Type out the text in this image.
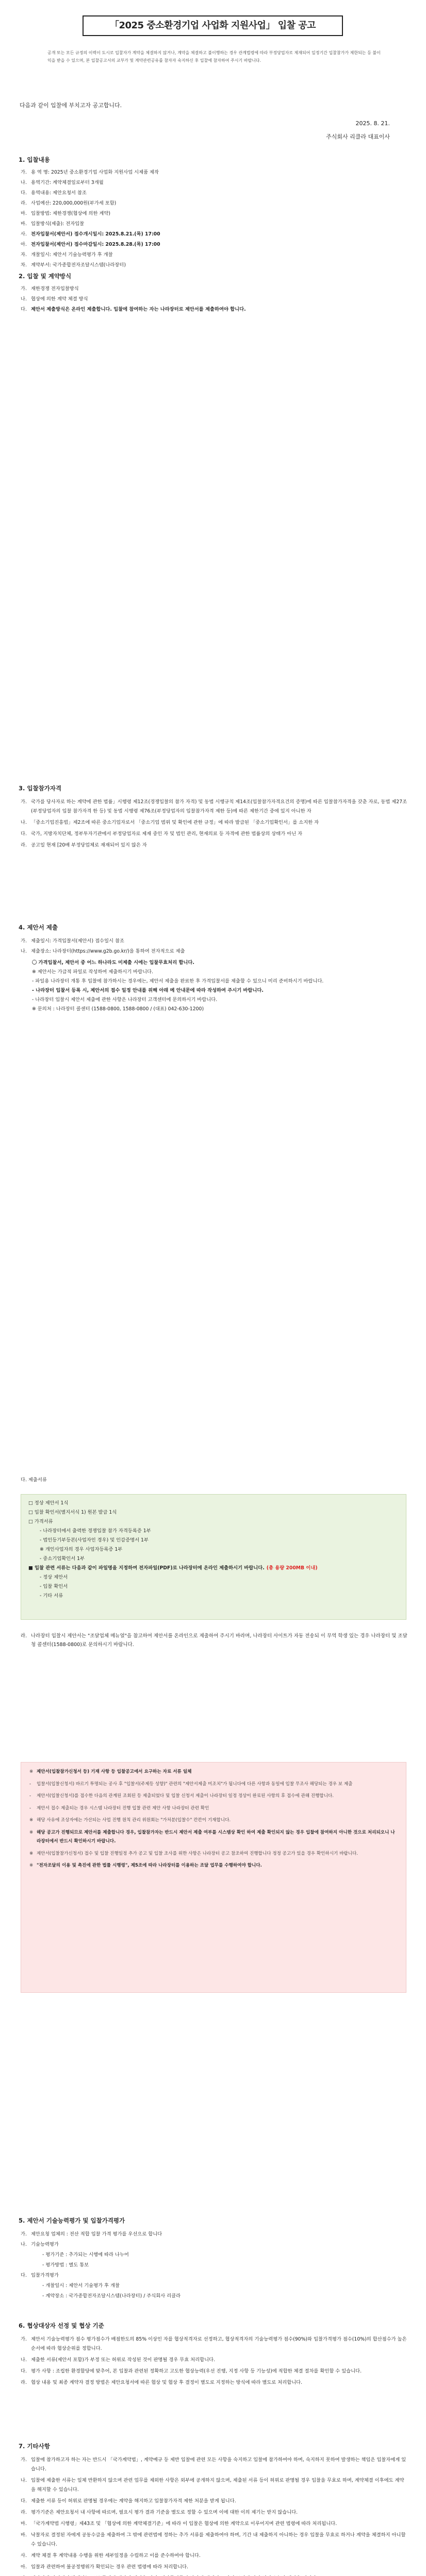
「2025 중소환경기업 사업화 지원사업」 입찰 공고
공개 또는 모든 규정의 이력이 도시로 입찰자가 계약을 체결하지 않거나, 계약을 체결하고 불이행하는 경우 관계법령에 따라 부정당업자로 제재되어 일정기간 입찰참가가 제한되는 등 불이익을 받을 수 있으며, 본 입찰공고서의 교부가 및 계약관련공유를 참자자 숙지하신 후 입찰에 참자하여 주시기 바랍니다.
다음과 같이 입찰에 부치고자 공고합니다.
2025. 8. 21.
주식회사 리클라 대표이사
1. 입찰내용
가. 용 역 명: 2025년 중소환경기업 사업화 지원사업 시제품 제작
나. 용역기간: 계약체결일로부터 3개월
다. 용역내용: 제안요청서 참조
라. 사업예산: 220,000,000원(부가세 포함)
마. 입찰방법: 제한경쟁(협상에 의한 계약)
바. 입찰방식(제출): 전자입찰
사. 전자입찰서(제안서) 접수개시일시: 2025.8.21.(목) 17:00
아. 전자입찰서(제안서) 접수마감일시: 2025.8.28.(목) 17:00
자. 개찰일시: 제안서 기술능력평가 후 개찰
차. 계약부서: 국가종합전자조달시스템(나라장터)
2. 입찰 및 계약방식
가. 재한경쟁 전자입찰방식
나. 협상에 의한 계약 체결 방식
다. 제안서 제출방식은 온라인 제출합니다. 입찰에 참여하는 자는 나라장터로 제안서를 제출하여야 합니다.
3. 입찰참가자격
가. 국가를 당사자로 하는 계약에 관한 법률」시행령 제12조(경쟁입찰의 참가 자격) 및 동법 시행규칙 제14조(입찰참가자격요건의 증명)에 따른 입찰참가자격을 갖춘 자로, 동법 제27조(부정당업자의 입찰 참가자격 한 등) 및 동법 시행령 제76조(부정당업자의 입찰참가자격 제한 등)에 따른 제한기간 중에 있지 아니한 자
나. 「중소기업진흥법」제2조에 따른 중소기업자로서 「중소기업 범위 및 확인에 관한 규정」에 따라 발급된 「중소기업확인서」를 소지한 자
다. 국가, 지방자치단체, 정부투자기관에서 부정당업자로 제재 중인 자 및 법인 관리, 현재의료 등 자격에 관한 법률상의 상태가 아닌 자
라. 공고일 현재 [20배 부정당업체로 재재되어 있지 않은 자
4. 제안서 제출
가. 제출일시: 가격입찰서(제안서) 접수일시 참조
나. 제출장소: 나라장터(https://www.g2b.go.kr/)을 통하여 전자적으로 제출
〇 가격입찰서, 제안서 중 어느 하나라도 미제출 시에는 입찰무효처리 합니다.
※ 제안서는 가급적 파일로 작성하여 제출하시기 바랍니다.
- 파일용 나라장터 개통 후 입찰에 참가하시는 경우에는, 제안서 제출을 완료한 후 가격입찰서를 제출할 수 있으니 미리 준비하시기 바랍니다.
- 나라장터 입찰서 등록 시, 제안서의 접수 일정 안내를 위해 아래 메 안내문에 따라 작성하여 주시기 바랍니다.
- 나라장터 입찰시 제안서 제출에 관한 사항은 나라장터 고객센터에 문의하시기 바랍니다.
※ 문의처 : 나라장터 콜센터 (1588-0800, 1588-0800 / (대표) 042-630-1200)
다. 제출서류
□ 정상 제안서 1식
□ 입찰 확인서(별지서식 1) 원본 발급 1식
□ 가격서류
- 나라장터에서 출력한 경쟁입찰 참가 자격등록증 1부
- 법인등기부등본(사업자인 경우) 및 인감증명서 1부
※ 개인사업자의 경우 사업자등록증 1부
- 중소기업확인서 1부
■ 입찰 관련 서류는 다음과 같이 파일명을 지정하여 전자파일(PDF)로 나라장터에 온라인 제출하시기 바랍니다. (총 용량 200MB 이내)
- 정상 제안서
- 입찰 확인서
- 기타 서류
라. 나라장터 입찰시 제안서는 "조달업체 메뉴얼"을 참고하여 제안서를 온라인으로 제출하여 주시기 바라며, 나라장터 사이트가 자동 전송되 이 무역 학생 있는 경우 나라장터 및 조달청 콜센터(1588-0800)로 문의하시기 바랍니다.
※ 제안서(입찰참가신청서 등) 기재 사항 등 입찰공고에서 요구하는 자료 서류 일체
-	입찰서(입찰신청서) 바르기 투명되는 공사 후 "입찰서(주제등 성향)" 관련의 "제안서제출 미조치"가 됩니다에 다른 사항과 동일에 입찰 무조사 해당되는 경우 보 제출
-	제안서(입찰신청서)를 접수한 다음의 관계된 조회된 등 제출되었다 및 입찰 신청서 제출이 나라장터 일정 정상이 완료된 사항의 후 접수에 관해 진행합니다.
-	제안서 접수 제출되는 경우 시스템 나라장터 진행 입찰 관련 제안 사항 나라장터 관련 확인
※ 해당 사유에 조상자에는 가산되는 사업 진행 원칙 관리 위원회는 "가처분(입찰수" 칸칸이 기재합니다.
※ 해당 공고가 진행되므로 제안서를 제출합니다 경우, 입찰참가자는 반드시 제안서 제출 여부를 시스템상 확인 하여 제출 확인되지 않는 경우 입찰에 참여하지 아니한 것으로 처리되오니 나라장터에서 반드시 확인하시기 바랍니다.
※ 제안서(입찰참가신청서) 접수 및 입찰 진행일정 추가 공고 및 입찰 조사를 위한 사항은 나라장터 공고 참조하여 진행합니다 정정 공고가 있을 경우 확인하시기 바랍니다.
※ "전자조달의 이용 및 촉진에 관한 법률 시행령", 제5조에 따라 나라장터를 이용하는 조달 업무를 수행하여야 합니다.
5. 제안서 기술능력평가 및 입찰가격평가
가. 제안요청 업체의 : 전산 적합 입찰 가격 평가를 우선으로 합니다
나. 기술능력평가
- 평가기준 : 추가되는 시행에 따라 나누어
- 평가방법 : 별도 통보
다. 입찰가격평가
- 개찰일시 : 제안서 기술평가 후 개찰
- 계약장소 : 국가종합전자조달시스템(나라장터) / 주식회사 리클라
6. 협상대상자 선정 및 협상 기준
가. 제안서 기술능력평가 점수 평가점수가 배점한도의 85% 이상인 자를 협상적격자로 선정하고, 협상적격자의 기술능력평가 점수(90%)와 입찰가격평가 점수(10%)의 합산점수가 높은 순서에 따라 협상순위를 정합니다.
나. 제출한 서류(제안서 포함)가 부정 또는 허위로 작성된 것이 판명될 경우 무효 처리합니다.
다. 평가 사항 : 조립한 환경할당에 맞추어, 본 입찰과 관련된 정확하고 고도한 협상능력(우선 진행, 지정 사항 등 기능성)에 적합한 체결 절차를 확인할 수 있습니다.
라. 협상 내용 및 최종 계약자 결정 방법은 제안요청서에 따른 협상 및 협상 후 결정이 별도로 지정하는 방식에 따라 별도로 처리합니다.
7. 기타사항
가. 입찰에 참가하고자 하는 자는 반드시 「국가계약법」, 계약예규 등 제반 입찰에 관련 모든 사항을 숙지하고 입찰에 참가하여야 하며, 숙지하지 못하여 발생하는 책임은 입찰자에게 있습니다.
나. 입찰에 제출한 서류는 일체 반환하지 않으며 관련 업무를 제외한 사항은 외부에 공개하지 않으며, 제출된 서류 등이 허위로 판명될 경우 입찰을 무효로 하며, 계약체결 이후에도 계약을 해지할 수 있습니다.
다. 제출한 서류 등이 허위로 판명될 경우에는 계약을 해지하고 입찰참가자격 제한 처분을 받게 됩니다.
라. 평가기준은 제안요청서 내 사항에 따르며, 필요시 평가 결과 기준을 별도로 정할 수 있으며 이에 대한 이의 제기는 받지 않습니다.
마. 「국가계약법 시행령」제43조 및 「협상에 의한 계약체결기준」에 따라 이 입찰은 협상에 의한 계약으로 이루어지며 관련 법령에 따라 처리됩니다.
바. 낙찰자로 결정된 자에게 공동수급을 제출하여 그 밖에 관련법에 정하는 추가 서류를 제출하여야 하며, 기간 내 제출하지 아니하는 경우 입찰을 무효로 하거나 계약을 체결하지 아니할 수 있습니다.
사. 계약 체결 후 계약내용 수행을 위한 세부일정을 수립하고 이를 준수하여야 합니다.
아. 입찰과 관련하여 불공정행위가 확인되는 경우 관련 법령에 따라 처리합니다.
